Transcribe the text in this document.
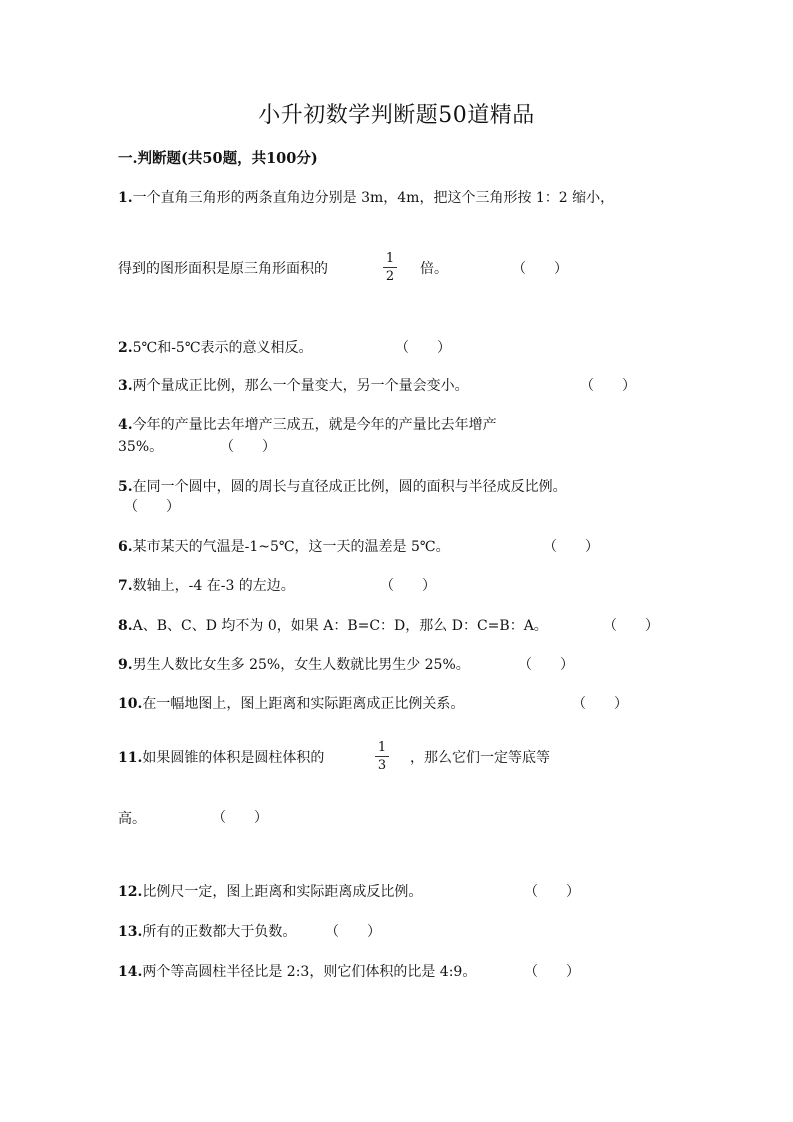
小升初数学判断题50道精品
一.判断题(共50题，共100分)
1.一个直角三角形的两条直角边分别是 3m，4m，把这个三角形按 1：2 缩小，
得到的图形面积是原三角形面积的
1
2 倍。	（　　）
2.5℃和-5℃表示的意义相反。	（　　）
3.两个量成正比例，那么一个量变大，另一个量会变小。	（　　）
4.今年的产量比去年增产三成五，就是今年的产量比去年增产
35%。	（　　）
5.在同一个圆中，圆的周长与直径成正比例，圆的面积与半径成反比例。
（　　）
6.某市某天的气温是-1~5℃，这一天的温差是 5℃。	（　　）
7.数轴上，-4 在-3 的左边。	（　　）
8.A、B、C、D 均不为 0，如果 A：B=C：D，那么 D：C=B：A。	（　　）
9.男生人数比女生多 25%，女生人数就比男生少 25%。	（　　）
10.在一幅地图上，图上距离和实际距离成正比例关系。	（　　）
11.如果圆锥的体积是圆柱体积的
1
3 ，那么它们一定等底等
高。	（　　）
12.比例尺一定，图上距离和实际距离成反比例。	（　　）
13.所有的正数都大于负数。 （　　）
14.两个等高圆柱半径比是 2:3，则它们体积的比是 4:9。	（　　）
